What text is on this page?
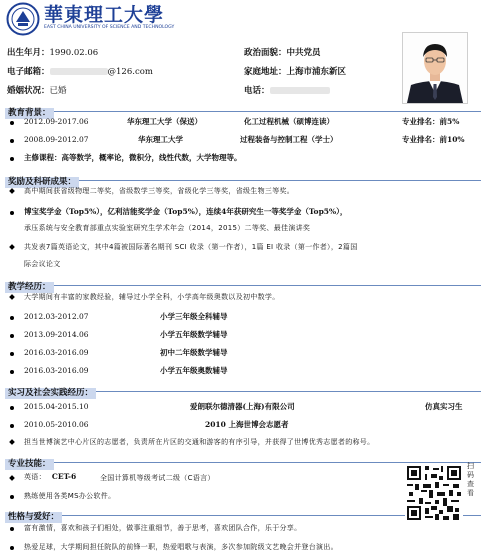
華東理工大學
EAST CHINA UNIVERSITY OF SCIENCE AND TECHNOLOGY
出生年月：1990.02.06	政治面貌：中共党员
电子邮箱：	@126.com	家庭地址：上海市浦东新区
婚姻状况：已婚	电话：
教育背景：
2012.09-2017.06	华东理工大学（保送）	化工过程机械（硕博连读）	专业排名：前5%
2008.09-2012.07	华东理工大学	过程装备与控制工程（学士）	专业排名：前10%
主修课程：高等数学，概率论，微积分，线性代数，大学物理等。
奖励及科研成果：
高中期间获省级物理二等奖，省级数学三等奖，省级化学三等奖，省级生物三等奖。
博宝奖学金（Top5%），亿利洁能奖学金（Top5%），连续4年获研究生一等奖学金（Top5%），
承压系统与安全教育部重点实验室研究生学术年会（2014，2015）二等奖、最佳演讲奖
共发表7篇英语论文，其中4篇被国际著名期刊 SCI 收录（第一作者），1篇 EI 收录（第一作者），2篇国
际会议论文
教学经历：
大学期间有丰富的家教经验，辅导过小学全科，小学高年级奥数以及初中数学。
2012.03-2012.07	小学三年级全科辅导
2013.09-2014.06	小学五年级数学辅导
2016.03-2016.09	初中二年级数学辅导
2016.03-2016.09	小学五年级奥数辅导
实习及社会实践经历：
2015.04-2015.10	爱朗联尔德清器(上海)有限公司	仿真实习生
2010.05-2010.06	2010 上海世博会志愿者
担当世博演艺中心片区的志愿者，负责所在片区的交通和游客的有序引导，并获得了世博优秀志愿者的称号。
专业技能：
英语： CET-6	全国计算机等级考试二级（C语言）
熟练使用各类MS办公软件。
性格与爱好：
富有激情，喜欢和孩子们相处，做事注重细节，善于思考，喜欢团队合作，乐于分享。
热爱足球，大学期间担任院队的前锋一职，热爱唱歌与表演，多次参加院级文艺晚会并登台演出。
扫码查看
